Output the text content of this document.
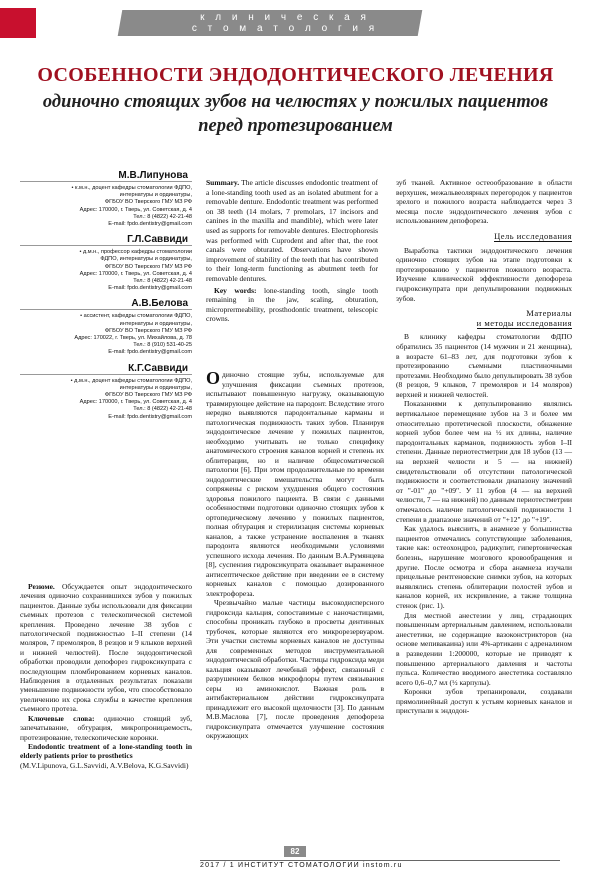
к л и н и ч е с к а я
с т о м а т о л о г и я
ОСОБЕННОСТИ ЭНДОДОНТИЧЕСКОГО ЛЕЧЕНИЯ
одиночно стоящих зубов на челюстях у пожилых пациентов перед протезированием
М.В.Липунова
• к.м.н., доцент кафедры стоматологии ФДПО,
интернатуры и ординатуры,
ФГБОУ ВО Тверского ГМУ МЗ РФ
Адрес: 170000, г. Тверь, ул. Советская, д. 4
Тел.: 8 (4822) 42-21-48
E-mail: fpdo.dentistry@gmail.com
Г.Л.Саввиди
• д.м.н., профессор кафедры стоматологии
ФДПО, интернатуры и ординатуры,
ФГБОУ ВО Тверского ГМУ МЗ РФ
Адрес: 170000, г. Тверь, ул. Советская, д. 4
Тел.: 8 (4822) 42-21-48
E-mail: fpdo.dentistry@gmail.com
А.В.Белова
• ассистент, кафедры стоматологии ФДПО,
интернатуры и ординатуры,
ФГБОУ ВО Тверского ГМУ МЗ РФ
Адрес: 170022, г. Тверь, ул. Михайлова, д. 78
Тел.: 8 (910) 531-40-25
E-mail: fpdo.dentistry@gmail.com
К.Г.Саввиди
• д.м.н., доцент кафедры стоматологии ФДПО,
интернатуры и ординатуры,
ФГБОУ ВО Тверского ГМУ МЗ РФ
Адрес: 170000, г. Тверь, ул. Советская, д. 4
Тел.: 8 (4822) 42-21-48
E-mail: fpdo.dentistry@gmail.com
Summary. The article discusses endodontic treatment of a lone-standing tooth used as an isolated abutment for a removable denture. Endodontic treatment was performed on 38 teeth (14 molars, 7 premolars, 17 incisors and canines in the maxilla and mandible), which were later used as supports for removable dentures. Electrophoresis was performed with Cuprodent and after that, the root canals were obturated. Observations have shown improvement of stability of the teeth that has contributed to their long-term functioning as abutment teeth for removable dentures.
Key words: lone-standing tooth, single tooth remaining in the jaw, scaling, obturation, microprermeability, prosthodontic treatment, telescopic crowns.
Резюме. Обсуждается опыт эндодонтического лечения одиночно сохранившихся зубов у пожилых пациентов. Данные зубы использовали для фиксации съемных протезов с телескопической системой крепления. Проведено лечение 38 зубов с патологической подвижностью I–II степени (14 моляров, 7 премоляров, 8 резцов и 9 клыков верхней и нижней челюстей). После эндодонтической обработки проводили депофорез гидроксикупрата с последующим пломбированием корневых каналов. Наблюдения в отдаленных результатах показали уменьшение подвижности зубов, что способствовало увеличению их срока службы в качестве крепления съемного протеза.
Ключевые слова: одиночно стоящий зуб, запечатывание, обтурация, микропроницаемость, протезирование, телескопические коронки.
Endodontic treatment of a lone-standing tooth in elderly patients prior to prosthetics
(M.V.Lipunova, G.L.Savvidi, A.V.Belova, K.G.Savvidi)

Одиночно стоящие зубы, используемые для улучшения фиксации съемных протезов, испытывают повышенную нагрузку, оказывающую травмирующее действие на пародонт. Вследствие этого нередко выявляются пародонтальные карманы и патологическая подвижность таких зубов. Планируя эндодонтическое лечение у пожилых пациентов, необходимо учитывать не только специфику анатомического строения каналов корней и степень их облитерации, но и наличие общесоматической патологии [6]. При этом продолжительные по времени эндодонтические вмешательства могут быть сопряжены с риском ухудшения общего состояния здоровья пожилого пациента. В связи с данными особенностями подготовки одиночно стоящих зубов к ортопедическому лечению у пожилых пациентов, полная обтурация и стерилизация системы корневых каналов, а также устранение воспаления в тканях пародонта являются необходимыми условиями успешного исхода лечения. По данным В.А.Румянцева [8], суспензия гидроксикупрата оказывает выраженное антисептическое действие при введении ее в систему корневых каналов с помощью дозированного электрофореза.

Чрезвычайно малые частицы высокодисперсного гидроксида кальция, сопоставимые с наночастицами, способны проникать глубоко в просветы дентинных трубочек, которые являются его микрорезервуаром. Эти участки системы корневых каналов не доступны для современных методов инструментальной эндодонтической обработки. Частицы гидроксида меди кальция оказывают лечебный эффект, связанный с разрушением белков микрофлоры путем связывания серы из аминокислот. Важная роль в антибактериальном действии гидроксикупрата принадлежит его высокой щелочности [3]. По данным М.В.Маслова [7], после проведения депофореза гидроксикупрата отмечается улучшение состояния окружающих

зуб тканей. Активное остеообразование в области верхушек, межальвеолярных перегородок у пациентов зрелого и пожилого возраста наблюдается через 3 месяца после эндодонтического лечения зубов с использованием депофореза.

Цель исследования

Выработка тактики эндодонтического лечения одиночно стоящих зубов на этапе подготовки к протезированию у пациентов пожилого возраста. Изучение клинической эффективности депофореза гидроксикупрата при депульпировании подвижных зубов.

Материалы
и методы исследования

В клинику кафедры стоматологии ФДПО обратились 35 пациентов (14 мужчин и 21 женщина), в возрасте 61–83 лет, для подготовки зубов к протезированию съемными пластиночными протезами. Необходимо было депульпировать 38 зубов (8 резцов, 9 клыков, 7 премоляров и 14 моляров) верхней и нижней челюстей.

Показаниями к депульпированию являлись вертикальное перемещение зубов на 3 и более мм относительно протетической плоскости, обнажение корней зубов более чем на ½ их длины, наличие пародонтальных карманов, подвижность зубов I–II степени. Данные периотестметрии для 18 зубов (13 — на верхней челюсти и 5 — на нижней) свидетельствовали об отсутствии патологической подвижности и соответствовали диапазону значений от "-01" до "+09". У 11 зубов (4 — на верхней челюсти, 7 — на нижней) по данным периотестметрии отмечалось наличие патологической подвижности 1 степени в диапазоне значений от "+12" до "+19".

Как удалось выяснить, в анамнезе у большинства пациентов отмечались сопутствующие заболевания, такие как: остеохондроз, радикулит, гипертоническая болезнь, нарушение мозгового кровообращения и другие. После осмотра и сбора анамнеза изучали прицельные рентгеновские снимки зубов, на которых выявлялись степень облитерации полостей зубов и каналов корней, их искривление, а также толщина стенок (рис. 1).

Для местной анестезии у лиц, страдающих повышенным артериальным давлением, использовали анестетики, не содержащие вазоконстрикторов (на основе мепивакаина) или 4%-артикаин с адреналином в разведении 1:200000, которые не приводят к повышению артериального давления и частоты пульса. Количество вводимого анестетика составляло всего 0,6–0,7 мл (½ карпулы).

Коронки зубов трепанировали, создавали прямолинейный доступ к устьям корневых каналов и приступали к эндодон-

82
2017 / 1 ИНСТИТУТ СТОМАТОЛОГИИ instom.ru
